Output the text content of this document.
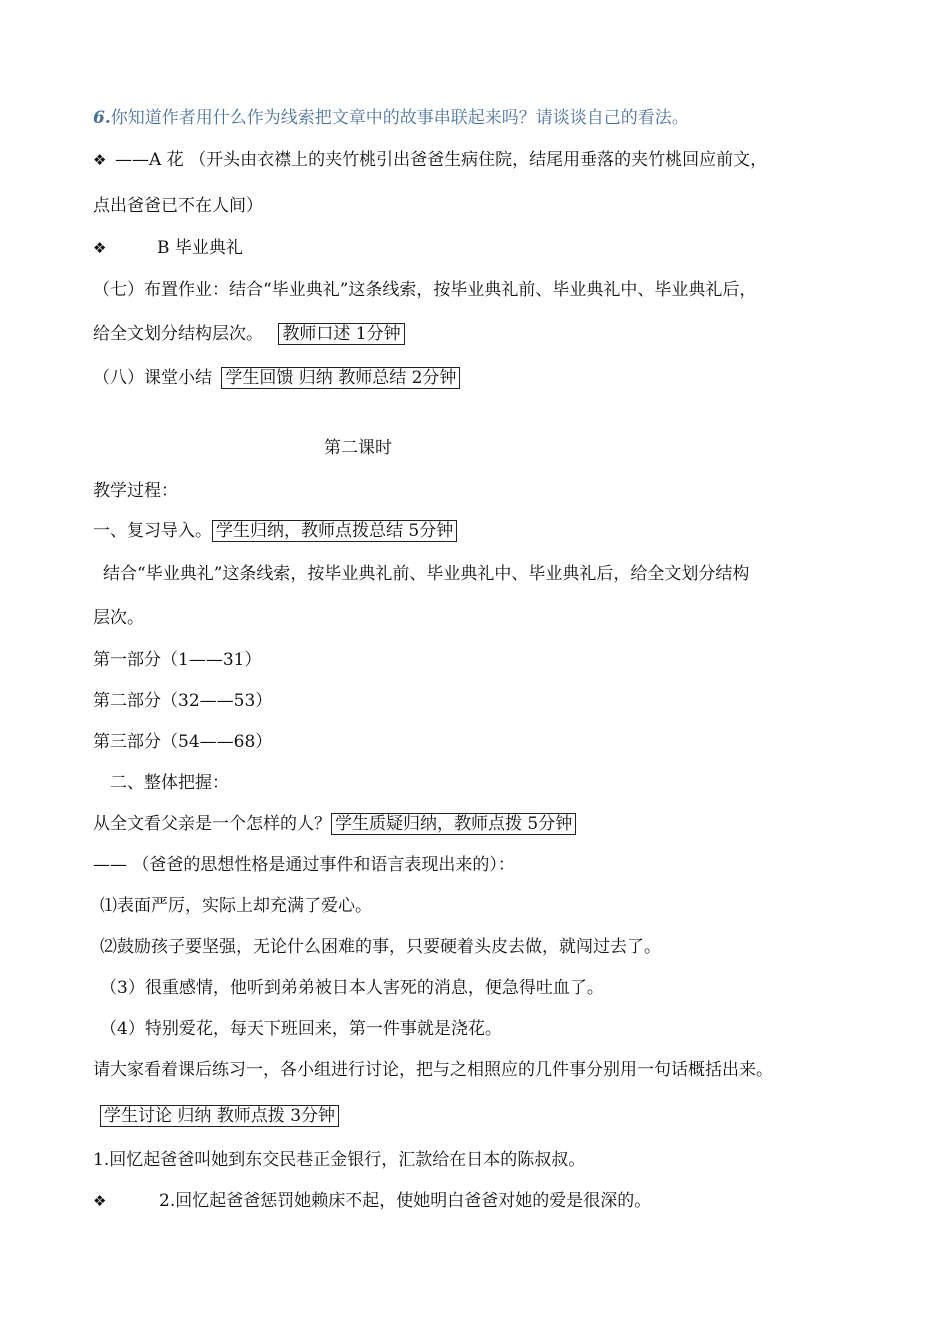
6.你知道作者用什么作为线索把文章中的故事串联起来吗？请谈谈自己的看法。
❖ ——A 花 （开头由衣襟上的夹竹桃引出爸爸生病住院，结尾用垂落的夹竹桃回应前文，
点出爸爸已不在人间）
❖	B 毕业典礼
（七）布置作业：结合“毕业典礼”这条线索，按毕业典礼前、毕业典礼中、毕业典礼后，
给全文划分结构层次。 教师口述 1分钟
（八）课堂小结 学生回馈 归纳 教师总结 2分钟
第二课时
教学过程：
一、复习导入。 学生归纳，教师点拨总结 5分钟
结合“毕业典礼”这条线索，按毕业典礼前、毕业典礼中、毕业典礼后，给全文划分结构
层次。
第一部分（1——31）
第二部分（32——53）
第三部分（54——68）
二、整体把握：
从全文看父亲是一个怎样的人？ 学生质疑归纳，教师点拨 5分钟
—— （爸爸的思想性格是通过事件和语言表现出来的）：
⑴表面严厉，实际上却充满了爱心。
⑵鼓励孩子要坚强，无论什么困难的事，只要硬着头皮去做，就闯过去了。
（3）很重感情，他听到弟弟被日本人害死的消息，便急得吐血了。
（4）特别爱花，每天下班回来，第一件事就是浇花。
请大家看着课后练习一，各小组进行讨论，把与之相照应的几件事分别用一句话概括出来。
学生讨论 归纳 教师点拨 3分钟
1.回忆起爸爸叫她到东交民巷正金银行，汇款给在日本的陈叔叔。
❖	2.回忆起爸爸惩罚她赖床不起，使她明白爸爸对她的爱是很深的。
